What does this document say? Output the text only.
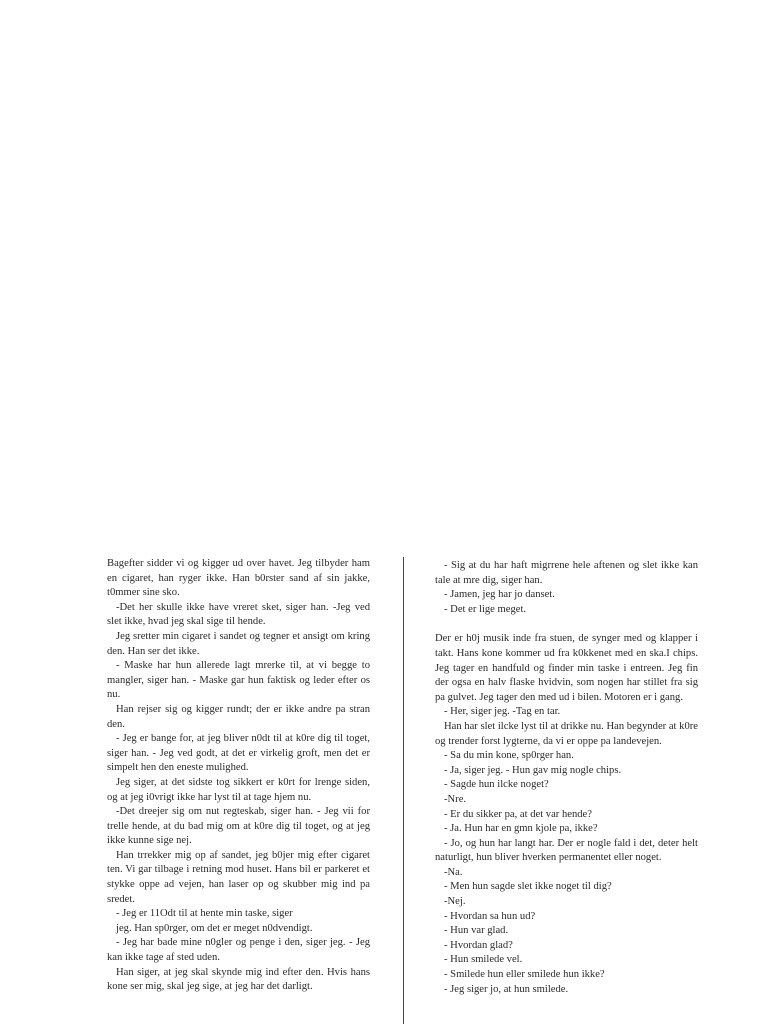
Bagefter sidder vi og kigger ud over havet. Jeg tilbyder ham en cigaret, han ryger ikke. Han b0rster sand af sin jakke, t0mmer sine sko.

-Det her skulle ikke have vreret sket, siger han. -Jeg ved slet ikke, hvad jeg skal sige til hende.

Jeg sretter min cigaret i sandet og tegner et ansigt om kring den. Han ser det ikke.

- Maske har hun allerede lagt mrerke til, at vi begge to mangler, siger han. - Maske gar hun faktisk og leder efter os nu.

Han rejser sig og kigger rundt; der er ikke andre pa stran den.

- Jeg er bange for, at jeg bliver n0dt til at k0re dig til toget, siger han. - Jeg ved godt, at det er virkelig groft, men det er simpelt hen den eneste mulighed.

Jeg siger, at det sidste tog sikkert er k0rt for lrenge siden, og at jeg i0vrigt ikke har lyst til at tage hjem nu.

-Det dreejer sig om nut regteskab, siger han. - Jeg vii for trelle hende, at du bad mig om at k0re dig til toget, og at jeg ikke kunne sige nej.

Han trrekker mig op af sandet, jeg b0jer mig efter cigaret ten. Vi gar tilbage i retning mod huset. Hans bil er parkeret et stykke oppe ad vejen, han laser op og skubber mig ind pa sredet.

- Jeg er 11Odt til at hente min taske, siger

jeg. Han sp0rger, om det er meget n0dvendigt.

- Jeg har bade mine n0gler og penge i den, siger jeg. - Jeg kan ikke tage af sted uden.

Han siger, at jeg skal skynde mig ind efter den. Hvis hans kone ser mig, skal jeg sige, at jeg har det darligt.

- Sig at du har haft migrrene hele aftenen og slet ikke kan tale at mre dig, siger han.

- Jamen, jeg har jo danset.

- Det er lige meget.

Der er h0j musik inde fra stuen, de synger med og klapper i takt. Hans kone kommer ud fra k0kkenet med en ska.I chips. Jeg tager en handfuld og finder min taske i entreen. Jeg fin der ogsa en halv flaske hvidvin, som nogen har stillet fra sig pa gulvet. Jeg tager den med ud i bilen. Motoren er i gang.

- Her, siger jeg. -Tag en tar.

Han har slet ilcke lyst til at drikke nu. Han begynder at k0re og trender forst lygterne, da vi er oppe pa landevejen.

- Sa du min kone, sp0rger han.

- Ja, siger jeg. - Hun gav mig nogle chips.

- Sagde hun ilcke noget?

-Nre.

- Er du sikker pa, at det var hende?

- Ja. Hun har en gmn kjole pa, ikke?

- Jo, og hun har langt har. Der er nogle fald i det, deter helt naturligt, hun bliver hverken permanentet eller noget.

-Na.

- Men hun sagde slet ikke noget til dig?

-Nej.

- Hvordan sa hun ud?

- Hun var glad.

- Hvordan glad?

- Hun smilede vel.

- Smilede hun eller smilede hun ikke?

- Jeg siger jo, at hun smilede.
